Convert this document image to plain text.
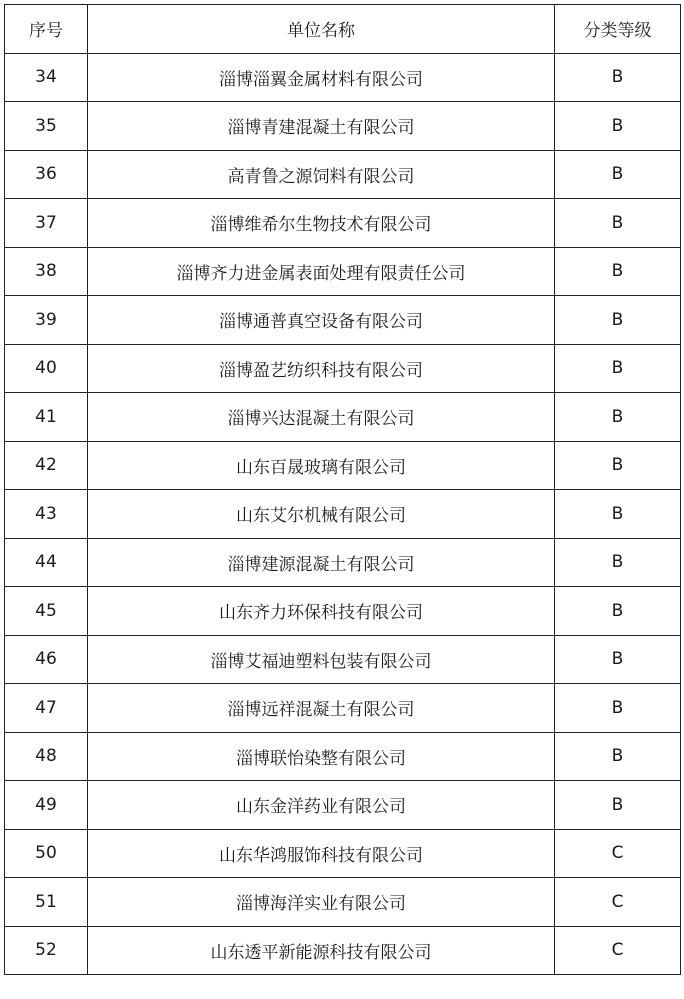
序号	单位名称	分类等级
34	淄博淄翼金属材料有限公司	B
35	淄博青建混凝土有限公司	B
36	高青鲁之源饲料有限公司	B
37	淄博维希尔生物技术有限公司	B
38	淄博齐力进金属表面处理有限责任公司	B
39	淄博通普真空设备有限公司	B
40	淄博盈艺纺织科技有限公司	B
41	淄博兴达混凝土有限公司	B
42	山东百晟玻璃有限公司	B
43	山东艾尔机械有限公司	B
44	淄博建源混凝土有限公司	B
45	山东齐力环保科技有限公司	B
46	淄博艾福迪塑料包装有限公司	B
47	淄博远祥混凝土有限公司	B
48	淄博联怡染整有限公司	B
49	山东金洋药业有限公司	B
50	山东华鸿服饰科技有限公司	C
51	淄博海洋实业有限公司	C
52	山东透平新能源科技有限公司	C
